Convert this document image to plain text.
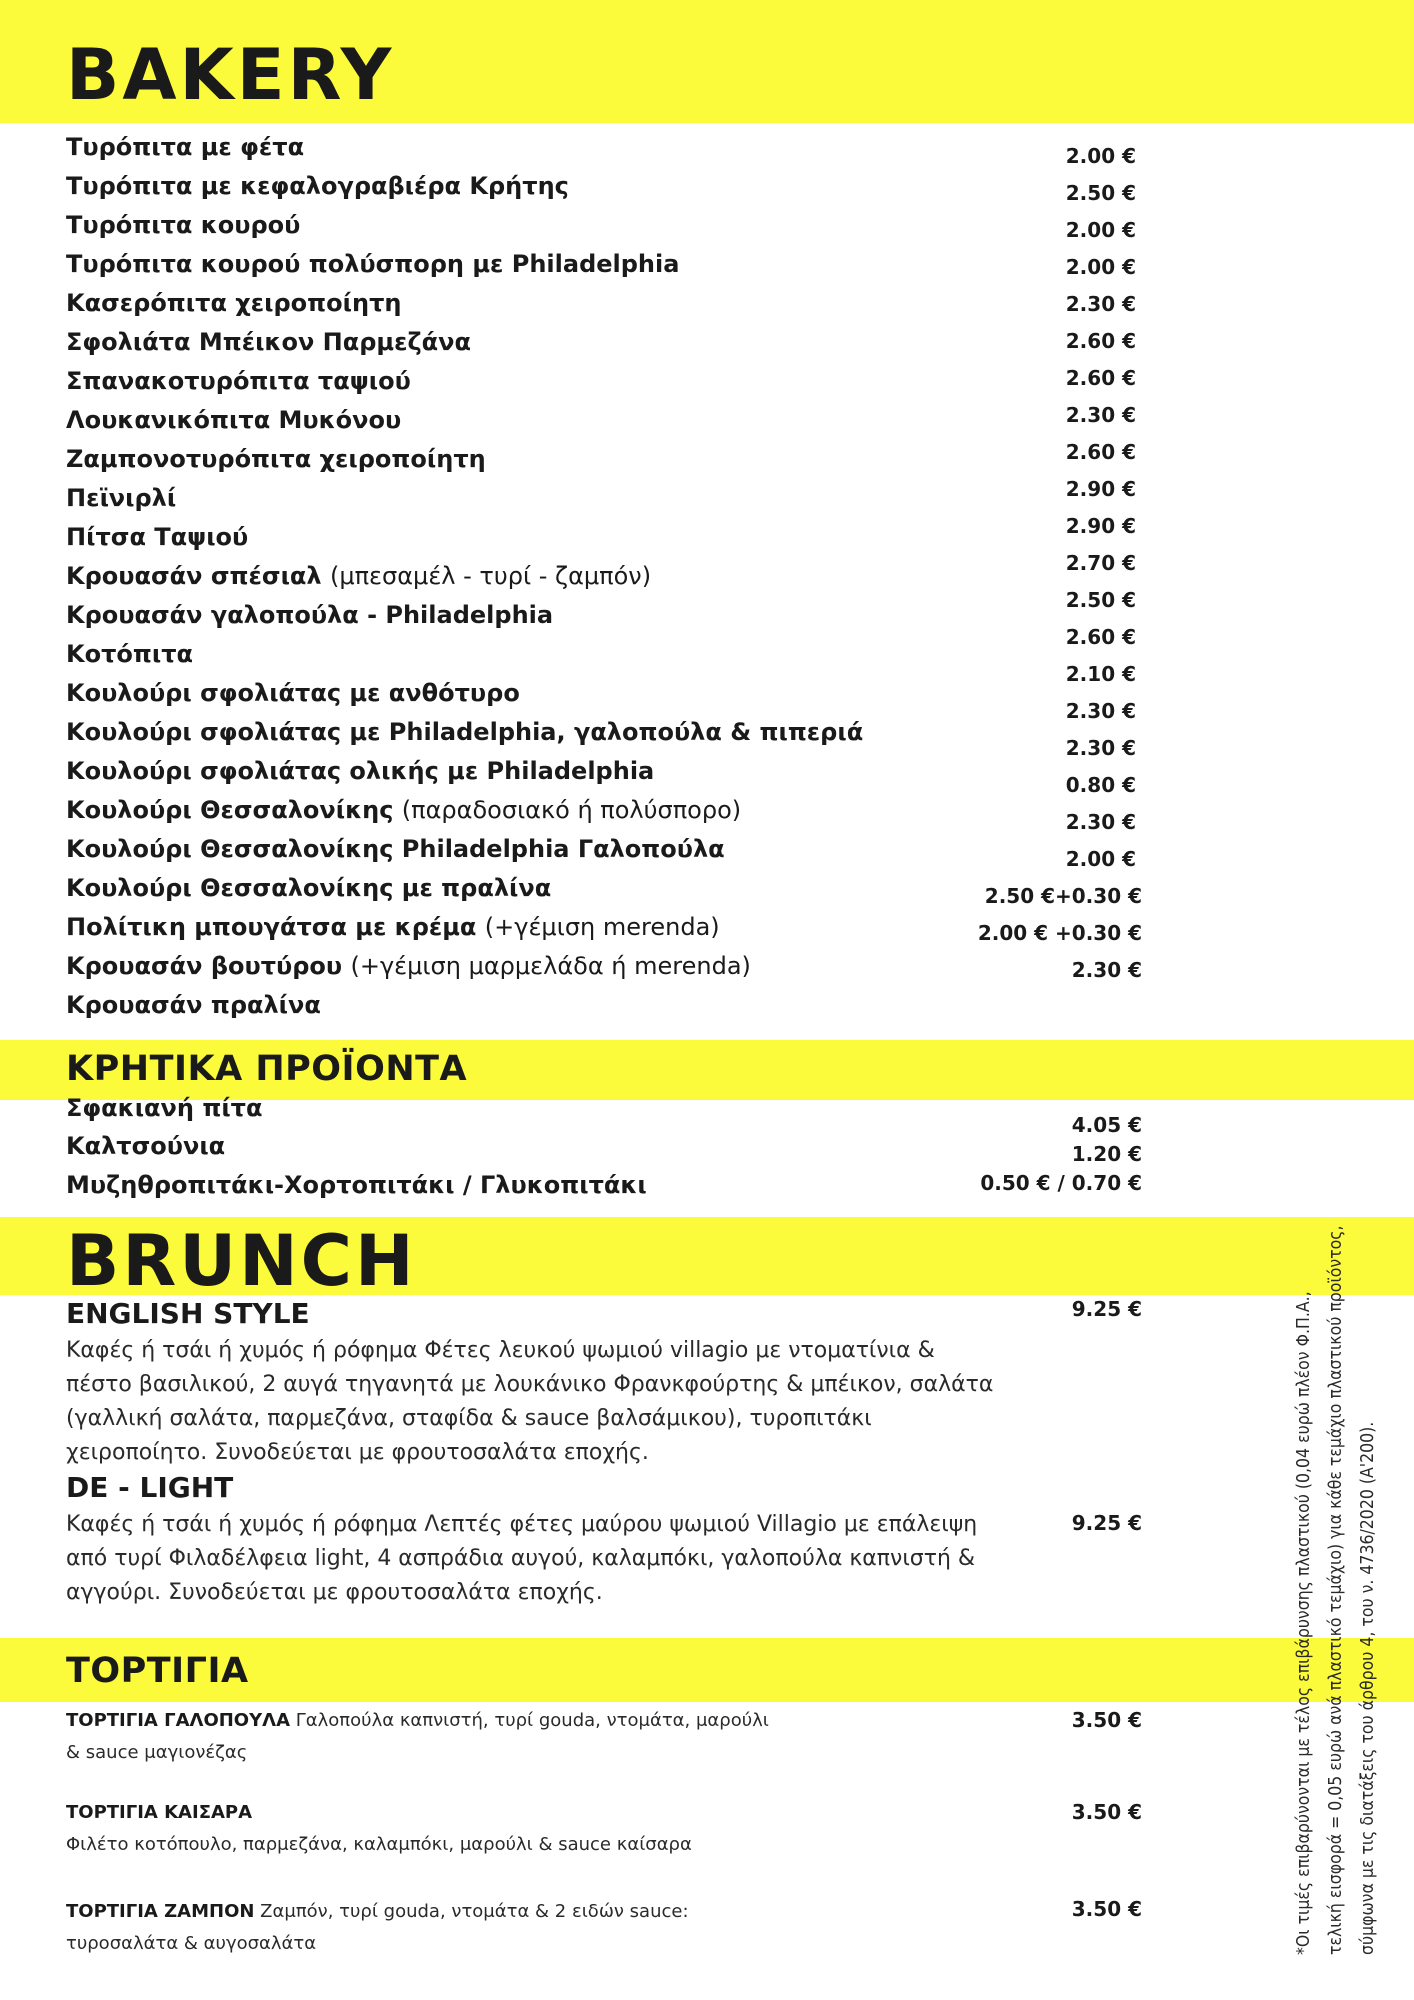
BAKERY
Τυρόπιτα με φέτα
Τυρόπιτα με κεφαλογραβιέρα Κρήτης
Τυρόπιτα κουρού
Τυρόπιτα κουρού πολύσπορη με Philadelphia
Κασερόπιτα χειροποίητη
Σφολιάτα Μπέικον Παρμεζάνα
Σπανακοτυρόπιτα ταψιού
Λουκανικόπιτα Μυκόνου
Ζαμπονοτυρόπιτα χειροποίητη
Πεϊνιρλί
Πίτσα Ταψιού
Κρουασάν σπέσιαλ (μπεσαμέλ - τυρί - ζαμπόν)
Κρουασάν γαλοπούλα - Philadelphia
Κοτόπιτα
Κουλούρι σφολιάτας με ανθότυρο
Κουλούρι σφολιάτας με Philadelphia, γαλοπούλα & πιπεριά
Κουλούρι σφολιάτας ολικής με Philadelphia
Κουλούρι Θεσσαλονίκης (παραδοσιακό ή πολύσπορο)
Κουλούρι Θεσσαλονίκης Philadelphia Γαλοπούλα
Κουλούρι Θεσσαλονίκης με πραλίνα
Πολίτικη μπουγάτσα με κρέμα (+γέμιση merenda)
Κρουασάν βουτύρου (+γέμιση μαρμελάδα ή merenda)
Κρουασάν πραλίνα
2.00 €
2.50 €
2.00 €
2.00 €
2.30 €
2.60 €
2.60 €
2.30 €
2.60 €
2.90 €
2.90 €
2.70 €
2.50 €
2.60 €
2.10 €
2.30 €
2.30 €
0.80 €
2.30 €
2.00 €
2.50 €+0.30 €
2.00 € +0.30 €
2.30 €
ΚΡΗΤΙΚΑ ΠΡΟΪΟΝΤΑ
Σφακιανή πίτα
Καλτσούνια
Μυζηθροπιτάκι-Χορτοπιτάκι / Γλυκοπιτάκι
4.05 €
1.20 €
0.50 € / 0.70 €
BRUNCH
ENGLISH STYLE	9.25 €
Καφές ή τσάι ή χυμός ή ρόφημα Φέτες λευκού ψωμιού villagio με ντοματίνια & πέστο βασιλικού, 2 αυγά τηγανητά με λουκάνικο Φρανκφούρτης & μπέικον, σαλάτα (γαλλική σαλάτα, παρμεζάνα, σταφίδα & sauce βαλσάμικου), τυροπιτάκι χειροποίητο. Συνοδεύεται με φρουτοσαλάτα εποχής.
DE - LIGHT
9.25 €
Καφές ή τσάι ή χυμός ή ρόφημα Λεπτές φέτες μαύρου ψωμιού Villagio με επάλειψη από τυρί Φιλαδέλφεια light, 4 ασπράδια αυγού, καλαμπόκι, γαλοπούλα καπνιστή & αγγούρι. Συνοδεύεται με φρουτοσαλάτα εποχής.
ΤΟΡΤΙΓΙΑ
ΤΟΡΤΙΓΙΑ ΓΑΛΟΠΟΥΛΑ Γαλοπούλα καπνιστή, τυρί gouda, ντομάτα, μαρούλι & sauce μαγιονέζας
3.50 €
ΤΟΡΤΙΓΙΑ ΚΑΙΣΑΡΑ
Φιλέτο κοτόπουλο, παρμεζάνα, καλαμπόκι, μαρούλι & sauce καίσαρα
3.50 €
ΤΟΡΤΙΓΙΑ ΖΑΜΠΟΝ Ζαμπόν, τυρί gouda, ντομάτα & 2 ειδών sauce: τυροσαλάτα & αυγοσαλάτα
3.50 €	*Οι τιμές επιβαρύνονται με τέλος επιβάρυνσης πλαστικού (0,04 ευρώ πλέον Φ.Π.Α., τελική εισφορά = 0,05 ευρώ ανά πλαστικό τεμάχιο) για κάθε τεμάχιο πλαστικού προϊόντος, σύμφωνα με τις διατάξεις του άρθρου 4, του ν. 4736/2020 (Α'200).
